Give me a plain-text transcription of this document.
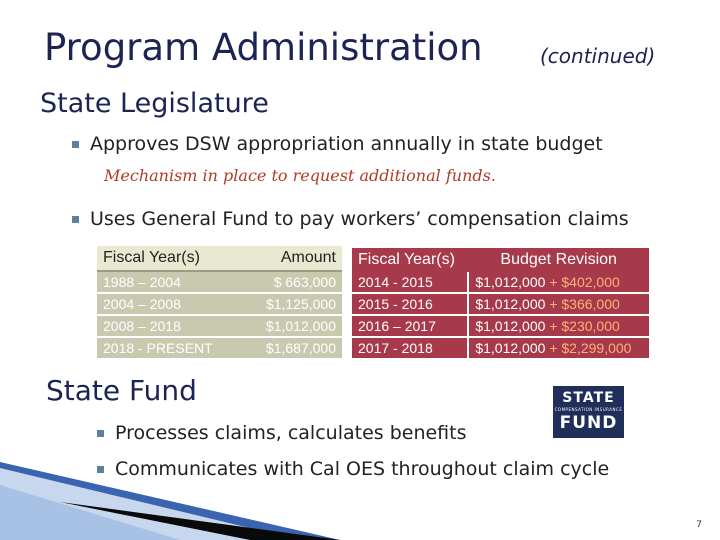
Program Administration	(continued)
State Legislature
Approves DSW appropriation annually in state budget
Mechanism in place to request additional funds.
Uses General Fund to pay workers’ compensation claims
Fiscal Year(s)	Amount
1988 – 2004	$ 663,000
2004 – 2008	$1,125,000
2008 – 2018	$1,012,000
2018 - PRESENT	$1,687,000
Fiscal Year(s)	Budget Revision
2014 - 2015	$1,012,000 + $402,000
2015 - 2016	$1,012,000 + $366,000
2016 – 2017	$1,012,000 + $230,000
2017 - 2018	$1,012,000 + $2,299,000
State Fund
Processes claims, calculates benefits
Communicates with Cal OES throughout claim cycle
STATE
COMPENSATION INSURANCE
FUND
7
